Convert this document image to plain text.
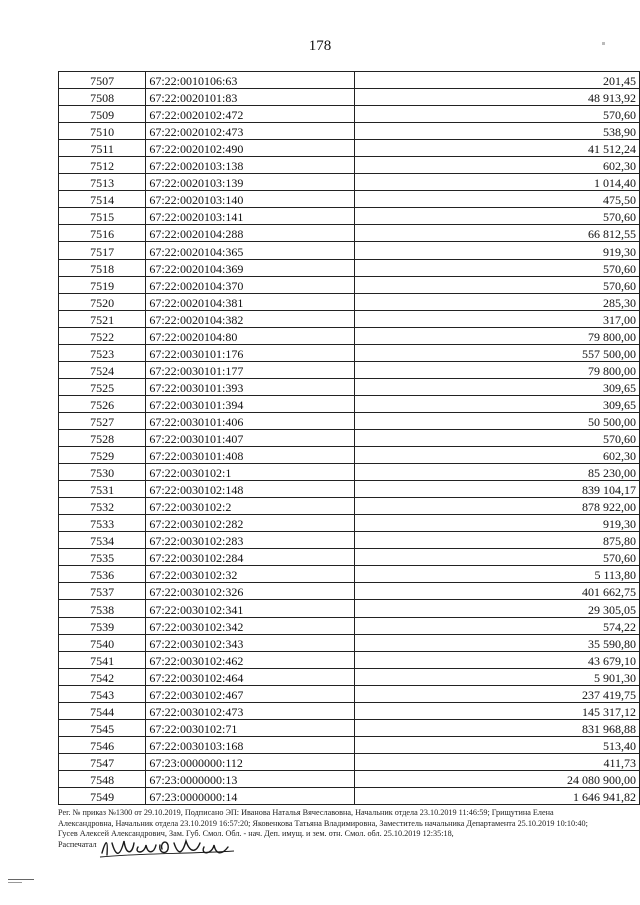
178
7507	67:22:0010106:63	201,45
7508	67:22:0020101:83	48 913,92
7509	67:22:0020102:472	570,60
7510	67:22:0020102:473	538,90
7511	67:22:0020102:490	41 512,24
7512	67:22:0020103:138	602,30
7513	67:22:0020103:139	1 014,40
7514	67:22:0020103:140	475,50
7515	67:22:0020103:141	570,60
7516	67:22:0020104:288	66 812,55
7517	67:22:0020104:365	919,30
7518	67:22:0020104:369	570,60
7519	67:22:0020104:370	570,60
7520	67:22:0020104:381	285,30
7521	67:22:0020104:382	317,00
7522	67:22:0020104:80	79 800,00
7523	67:22:0030101:176	557 500,00
7524	67:22:0030101:177	79 800,00
7525	67:22:0030101:393	309,65
7526	67:22:0030101:394	309,65
7527	67:22:0030101:406	50 500,00
7528	67:22:0030101:407	570,60
7529	67:22:0030101:408	602,30
7530	67:22:0030102:1	85 230,00
7531	67:22:0030102:148	839 104,17
7532	67:22:0030102:2	878 922,00
7533	67:22:0030102:282	919,30
7534	67:22:0030102:283	875,80
7535	67:22:0030102:284	570,60
7536	67:22:0030102:32	5 113,80
7537	67:22:0030102:326	401 662,75
7538	67:22:0030102:341	29 305,05
7539	67:22:0030102:342	574,22
7540	67:22:0030102:343	35 590,80
7541	67:22:0030102:462	43 679,10
7542	67:22:0030102:464	5 901,30
7543	67:22:0030102:467	237 419,75
7544	67:22:0030102:473	145 317,12
7545	67:22:0030102:71	831 968,88
7546	67:22:0030103:168	513,40
7547	67:23:0000000:112	411,73
7548	67:23:0000000:13	24 080 900,00
7549	67:23:0000000:14	1 646 941,82

Рег. № приказ №1300 от 29.10.2019, Подписано ЭП: Иванова Наталья Вячеславовна, Начальник отдела 23.10.2019 11:46:59; Грищутина Елена Александровна, Начальник отдела 23.10.2019 16:57:20; Яковенкова Татьяна Владимировна, Заместитель начальника Департамента 25.10.2019 10:10:40; Гусев Алексей Александрович, Зам. Губ. Смол. Обл. - нач. Деп. имущ. и зем. отн. Смол. обл. 25.10.2019 12:35:18,

Распечатал
